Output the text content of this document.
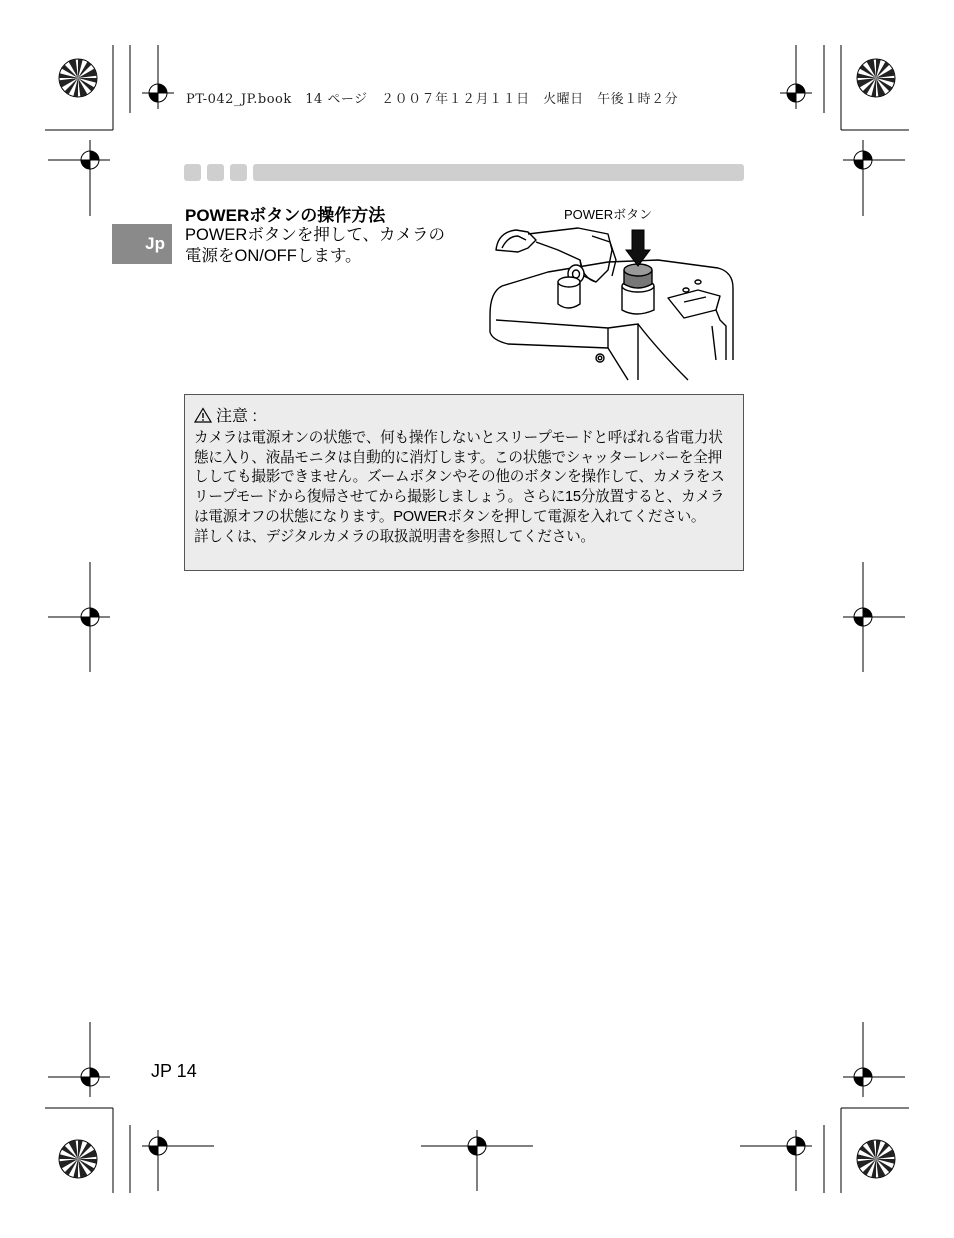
PT-042_JP.book　14 ページ　２００７年１２月１１日　火曜日　午後１時２分
Jp
POWERボタンの操作方法
POWERボタンを押して、カメラの
電源をON/OFFします。
POWERボタン
注意 :

カメラは電源オンの状態で、何も操作しないとスリープモードと呼ばれる省電力状態に入り、液晶モニタは自動的に消灯します。この状態でシャッターレバーを全押ししても撮影できません。ズームボタンやその他のボタンを操作して、カメラをスリープモードから復帰させてから撮影しましょう。さらに15分放置すると、カメラは電源オフの状態になります。POWERボタンを押して電源を入れてください。

詳しくは、デジタルカメラの取扱説明書を参照してください。

JP 14
